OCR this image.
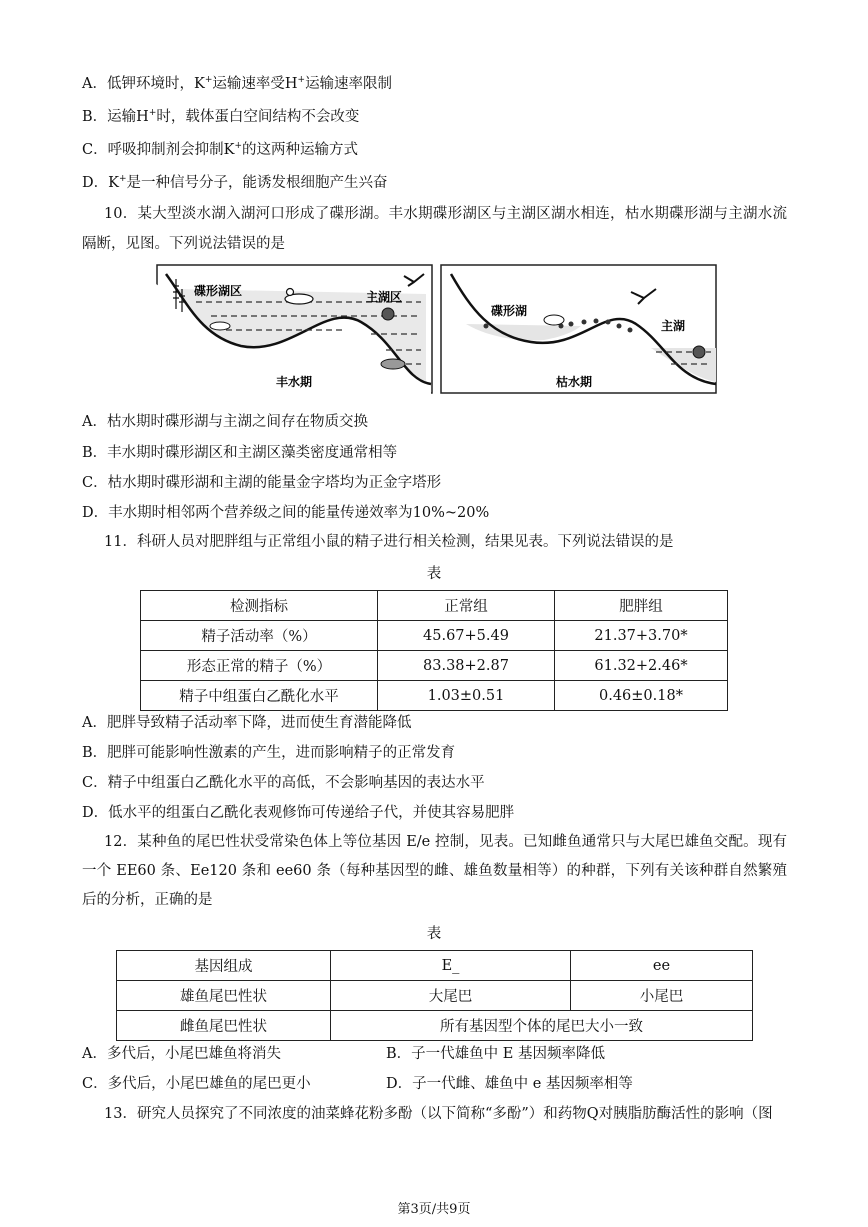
A．低钾环境时，K+运输速率受H+运输速率限制
B．运输H+时，载体蛋白空间结构不会改变
C．呼吸抑制剂会抑制K+的这两种运输方式
D．K+是一种信号分子，能诱发根细胞产生兴奋
10．某大型淡水湖入湖河口形成了碟形湖。丰水期碟形湖区与主湖区湖水相连，枯水期碟形湖与主湖水流隔断，见图。下列说法错误的是
碟形湖区	主湖区
丰水期
碟形湖
主湖
枯水期
A．枯水期时碟形湖与主湖之间存在物质交换
B．丰水期时碟形湖区和主湖区藻类密度通常相等
C．枯水期时碟形湖和主湖的能量金字塔均为正金字塔形
D．丰水期时相邻两个营养级之间的能量传递效率为10%~20%
11．科研人员对肥胖组与正常组小鼠的精子进行相关检测，结果见表。下列说法错误的是
表
检测指标	正常组	肥胖组
精子活动率（%）	45.67+5.49	21.37+3.70*
形态正常的精子（%）	83.38+2.87	61.32+2.46*
精子中组蛋白乙酰化水平	1.03±0.51	0.46±0.18*
A．肥胖导致精子活动率下降，进而使生育潜能降低
B．肥胖可能影响性激素的产生，进而影响精子的正常发育
C．精子中组蛋白乙酰化水平的高低，不会影响基因的表达水平
D．低水平的组蛋白乙酰化表观修饰可传递给子代，并使其容易肥胖
12．某种鱼的尾巴性状受常染色体上等位基因 E/e 控制，见表。已知雌鱼通常只与大尾巴雄鱼交配。现有一个 EE60 条、Ee120 条和 ee60 条（每种基因型的雌、雄鱼数量相等）的种群，下列有关该种群自然繁殖后的分析，正确的是
表
基因组成	E_	ee
雄鱼尾巴性状	大尾巴	小尾巴
雌鱼尾巴性状	所有基因型个体的尾巴大小一致	
A．多代后，小尾巴雄鱼将消失	B．子一代雄鱼中 E 基因频率降低
C．多代后，小尾巴雄鱼的尾巴更小	D．子一代雌、雄鱼中 e 基因频率相等
13．研究人员探究了不同浓度的油菜蜂花粉多酚（以下简称“多酚”）和药物Q对胰脂肪酶活性的影响（图
第3页/共9页
